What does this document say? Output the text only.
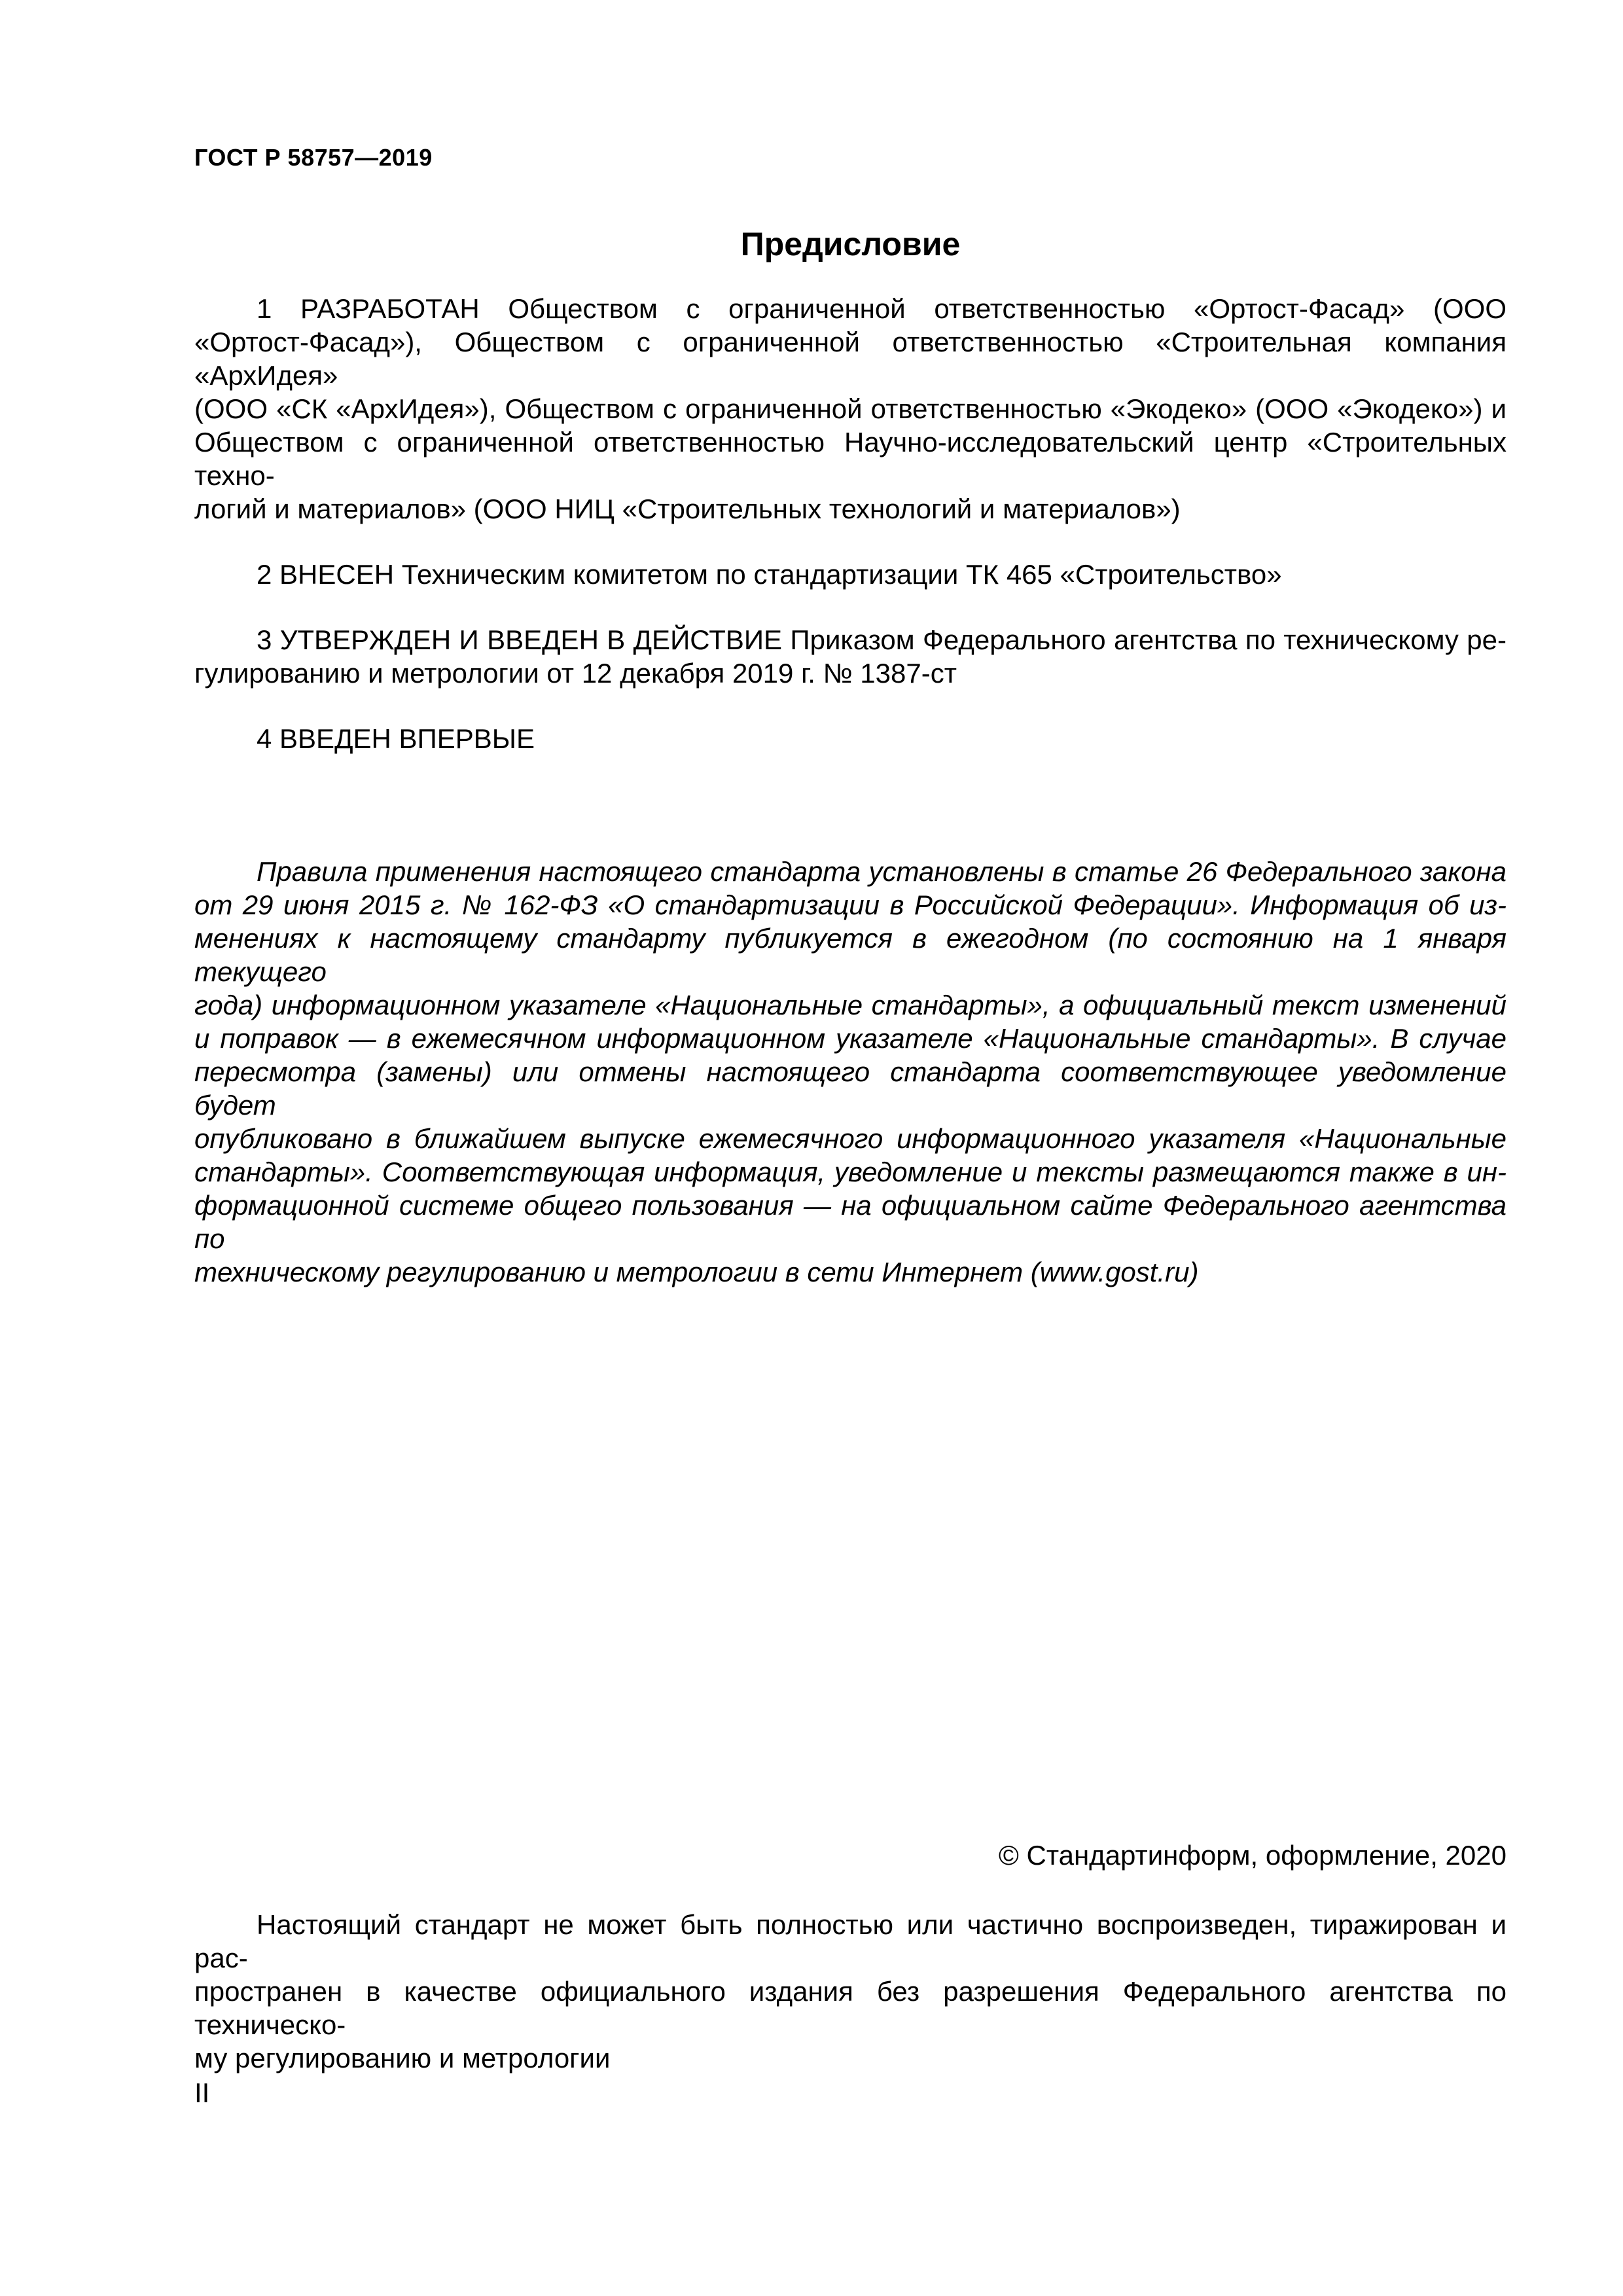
ГОСТ Р 58757—2019
Предисловие
1 РАЗРАБОТАН Обществом с ограниченной ответственностью «Ортост-Фасад» (ООО
«Ортост-Фасад»), Обществом с ограниченной ответственностью «Строительная компания «АрхИдея»
(ООО «СК «АрхИдея»), Обществом с ограниченной ответственностью «Экодеко» (ООО «Экодеко») и
Обществом с ограниченной ответственностью Научно-исследовательский центр «Строительных техно-
логий и материалов» (ООО НИЦ «Строительных технологий и материалов»)
2 ВНЕСЕН Техническим комитетом по стандартизации ТК 465 «Строительство»
3 УТВЕРЖДЕН И ВВЕДЕН В ДЕЙСТВИЕ Приказом Федерального агентства по техническому ре-
гулированию и метрологии от 12 декабря 2019 г. № 1387-ст
4 ВВЕДЕН ВПЕРВЫЕ
Правила применения настоящего стандарта установлены в статье 26 Федерального закона
от 29 июня 2015 г. № 162-ФЗ «О стандартизации в Российской Федерации». Информация об из-
менениях к настоящему стандарту публикуется в ежегодном (по состоянию на 1 января текущего
года) информационном указателе «Национальные стандарты», а официальный текст изменений
и поправок — в ежемесячном информационном указателе «Национальные стандарты». В случае
пересмотра (замены) или отмены настоящего стандарта соответствующее уведомление будет
опубликовано в ближайшем выпуске ежемесячного информационного указателя «Национальные
стандарты». Соответствующая информация, уведомление и тексты размещаются также в ин-
формационной системе общего пользования — на официальном сайте Федерального агентства по
техническому регулированию и метрологии в сети Интернет (www.gost.ru)
© Стандартинформ, оформление, 2020
Настоящий стандарт не может быть полностью или частично воспроизведен, тиражирован и рас-
пространен в качестве официального издания без разрешения Федерального агентства по техническо-
му регулированию и метрологии
II
